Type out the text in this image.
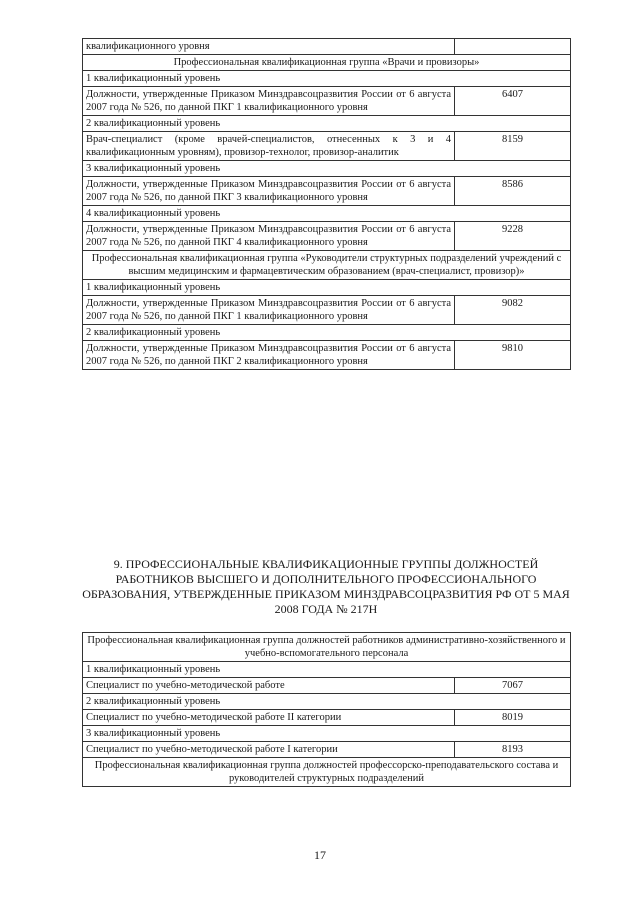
квалификационного уровня	
Профессиональная квалификационная группа «Врачи и провизоры»	
1 квалификационный уровень	
Должности, утвержденные Приказом Минздравсоцразвития России от 6 августа 2007 года № 526, по данной ПКГ 1 квалификационного уровня	6407
2 квалификационный уровень	
Врач-специалист (кроме врачей-специалистов, отнесенных к 3 и 4 квалификационным уровням), провизор-технолог, провизор-аналитик	8159
3 квалификационный уровень	
Должности, утвержденные Приказом Минздравсоцразвития России от 6 августа 2007 года № 526, по данной ПКГ 3 квалификационного уровня	8586
4 квалификационный уровень	
Должности, утвержденные Приказом Минздравсоцразвития России от 6 августа 2007 года № 526, по данной ПКГ 4 квалификационного уровня	9228
Профессиональная квалификационная группа «Руководители структурных подразделений учреждений с высшим медицинским и фармацевтическим образованием (врач-специалист, провизор)»	
1 квалификационный уровень	
Должности, утвержденные Приказом Минздравсоцразвития России от 6 августа 2007 года № 526, по данной ПКГ 1 квалификационного уровня	9082
2 квалификационный уровень	
Должности, утвержденные Приказом Минздравсоцразвития России от 6 августа 2007 года № 526, по данной ПКГ 2 квалификационного уровня	9810
9. ПРОФЕССИОНАЛЬНЫЕ КВАЛИФИКАЦИОННЫЕ ГРУППЫ ДОЛЖНОСТЕЙ РАБОТНИКОВ ВЫСШЕГО И ДОПОЛНИТЕЛЬНОГО ПРОФЕССИОНАЛЬНОГО ОБРАЗОВАНИЯ, УТВЕРЖДЕННЫЕ ПРИКАЗОМ МИНЗДРАВСОЦРАЗВИТИЯ РФ ОТ 5 МАЯ 2008 ГОДА № 217Н
Профессиональная квалификационная группа должностей работников административно-хозяйственного и учебно-вспомогательного персонала	
1 квалификационный уровень	
Специалист по учебно-методической работе	7067
2 квалификационный уровень	
Специалист по учебно-методической работе II категории	8019
3 квалификационный уровень	
Специалист по учебно-методической работе I категории	8193
Профессиональная квалификационная группа должностей профессорско-преподавательского состава и руководителей структурных подразделений	
17
